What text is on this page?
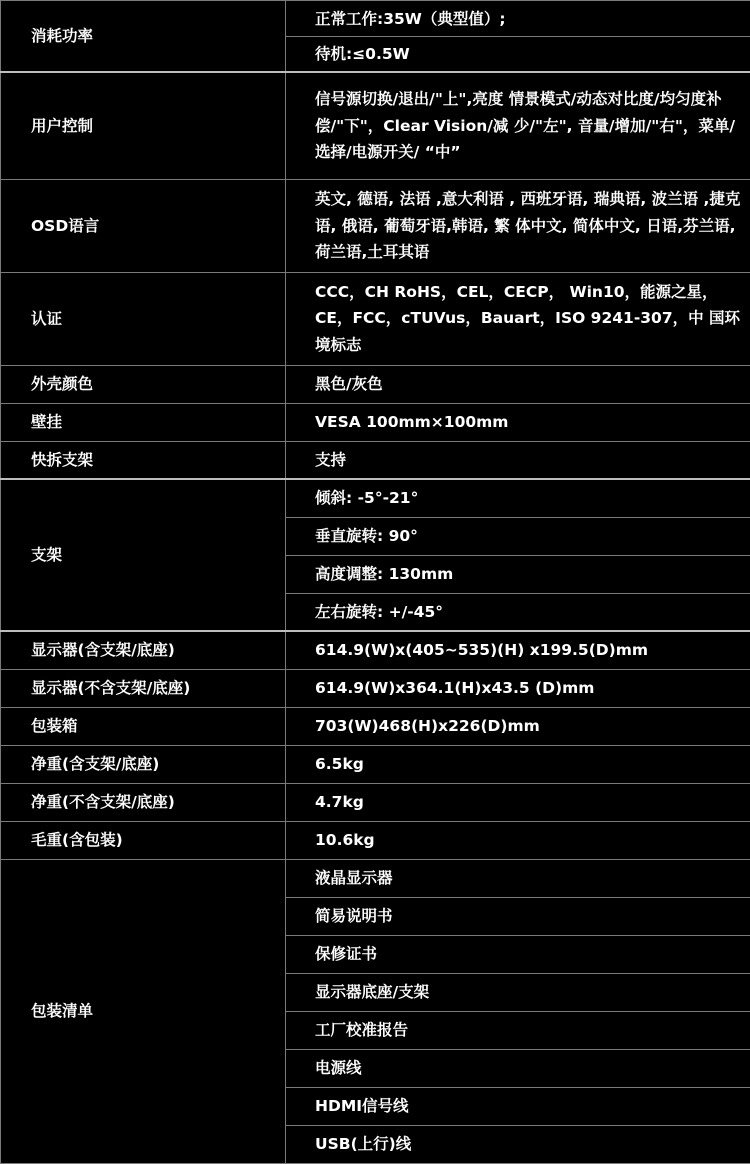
消耗功率	正常工作:35W（典型值）;
	待机:≤0.5W
用户控制	信号源切换/退出/"上",亮度 情景模式/动态对比度/均匀度补偿/"下"，Clear Vision/减 少/"左", 音量/增加/"右"，菜单/选择/电源开关/ “中”
OSD语言	英文, 德语, 法语 ,意大利语 , 西班牙语, 瑞典语, 波兰语 ,捷克语, 俄语, 葡萄牙语,韩语, 繁 体中文, 简体中文, 日语,芬兰语,荷兰语,土耳其语
认证	CCC，CH RoHS，CEL，CECP， Win10，能源之星，CE，FCC，cTUVus，Bauart，ISO 9241-307，中 国环境标志
外壳颜色	黑色/灰色
壁挂	VESA 100mm×100mm
快拆支架	支持
支架	倾斜: -5°-21°
	垂直旋转: 90°
	高度调整: 130mm
	左右旋转: +/-45°
显示器(含支架/底座)	614.9(W)x(405~535)(H) x199.5(D)mm
显示器(不含支架/底座)	614.9(W)x364.1(H)x43.5 (D)mm
包装箱	703(W)468(H)x226(D)mm
净重(含支架/底座)	6.5kg
净重(不含支架/底座)	4.7kg
毛重(含包装)	10.6kg
包装清单	液晶显示器
	简易说明书
	保修证书
	显示器底座/支架
	工厂校准报告
	电源线
	HDMI信号线
	USB(上行)线
